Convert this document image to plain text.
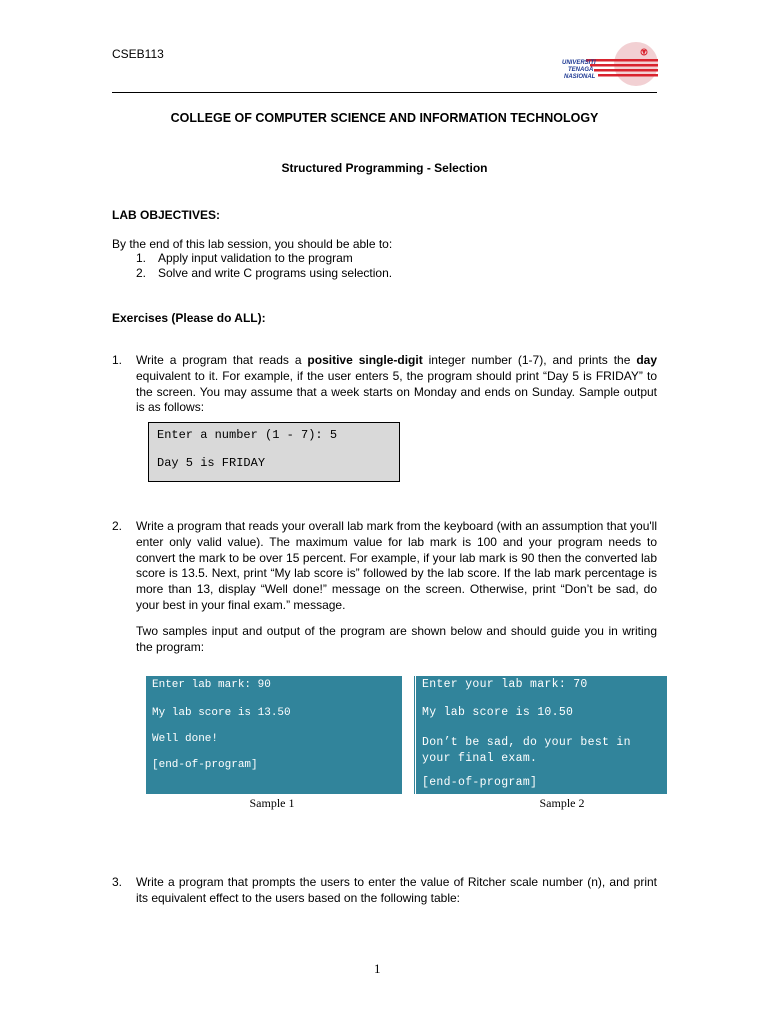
CSEB113
UNIVERSITI
TENAGA
NASIONAL
COLLEGE OF COMPUTER SCIENCE AND INFORMATION TECHNOLOGY
Structured Programming - Selection
LAB OBJECTIVES:
By the end of this lab session, you should be able to:
1. Apply input validation to the program
2. Solve and write C programs using selection.
Exercises (Please do ALL):
1. Write a program that reads a positive single-digit integer number (1-7), and prints the day equivalent to it. For example, if the user enters 5, the program should print “Day 5 is FRIDAY” to the screen. You may assume that a week starts on Monday and ends on Sunday. Sample output is as follows:
Enter a number (1 - 7): 5
Day 5 is FRIDAY
2. Write a program that reads your overall lab mark from the keyboard (with an assumption that you'll enter only valid value). The maximum value for lab mark is 100 and your program needs to convert the mark to be over 15 percent. For example, if your lab mark is 90 then the converted lab score is 13.5. Next, print “My lab score is” followed by the lab score. If the lab mark percentage is more than 13, display “Well done!” message on the screen. Otherwise, print “Don’t be sad, do your best in your final exam.” message.
Two samples input and output of the program are shown below and should guide you in writing the program:
Enter lab mark: 90
My lab score is 13.50
Well done!
[end-of-program]
Enter your lab mark: 70
My lab score is 10.50
Don’t be sad, do your best in
your final exam.
[end-of-program]
Sample 1	Sample 2
3. Write a program that prompts the users to enter the value of Ritcher scale number (n), and print its equivalent effect to the users based on the following table:
1
